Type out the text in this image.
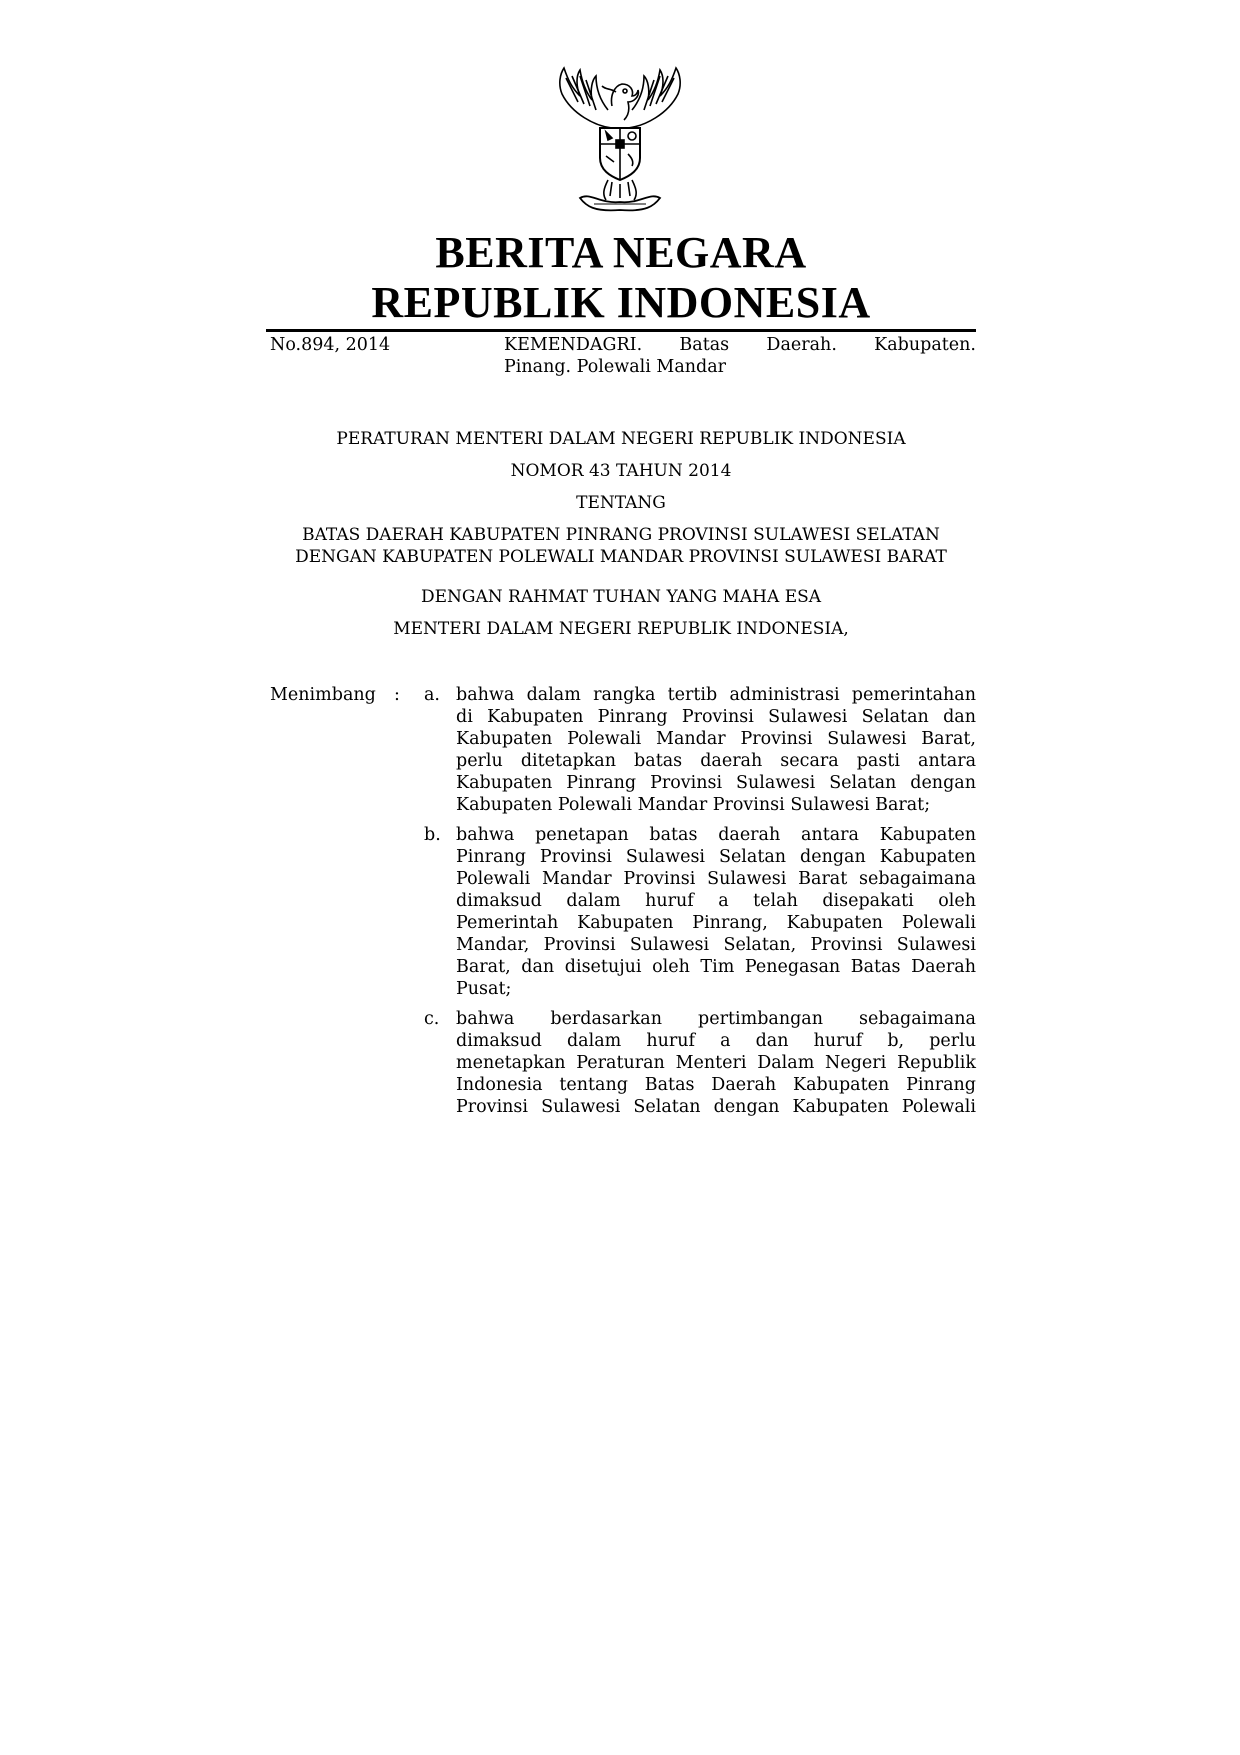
BERITA NEGARA
REPUBLIK INDONESIA
No.894, 2014	KEMENDAGRI. Batas Daerah. Kabupaten.
Pinang. Polewali Mandar
PERATURAN MENTERI DALAM NEGERI REPUBLIK INDONESIA
NOMOR 43 TAHUN 2014
TENTANG
BATAS DAERAH KABUPATEN PINRANG PROVINSI SULAWESI SELATAN
DENGAN KABUPATEN POLEWALI MANDAR PROVINSI SULAWESI BARAT
DENGAN RAHMAT TUHAN YANG MAHA ESA
MENTERI DALAM NEGERI REPUBLIK INDONESIA,
Menimbang : a. bahwa dalam rangka tertib administrasi pemerintahan
di Kabupaten Pinrang Provinsi Sulawesi Selatan dan
Kabupaten Polewali Mandar Provinsi Sulawesi Barat,
perlu ditetapkan batas daerah secara pasti antara
Kabupaten Pinrang Provinsi Sulawesi Selatan dengan
Kabupaten Polewali Mandar Provinsi Sulawesi Barat;
b. bahwa penetapan batas daerah antara Kabupaten
Pinrang Provinsi Sulawesi Selatan dengan Kabupaten
Polewali Mandar Provinsi Sulawesi Barat sebagaimana
dimaksud dalam huruf a telah disepakati oleh
Pemerintah Kabupaten Pinrang, Kabupaten Polewali
Mandar, Provinsi Sulawesi Selatan, Provinsi Sulawesi
Barat, dan disetujui oleh Tim Penegasan Batas Daerah
Pusat;
c. bahwa berdasarkan pertimbangan sebagaimana
dimaksud dalam huruf a dan huruf b, perlu
menetapkan Peraturan Menteri Dalam Negeri Republik
Indonesia tentang Batas Daerah Kabupaten Pinrang
Provinsi Sulawesi Selatan dengan Kabupaten Polewali
